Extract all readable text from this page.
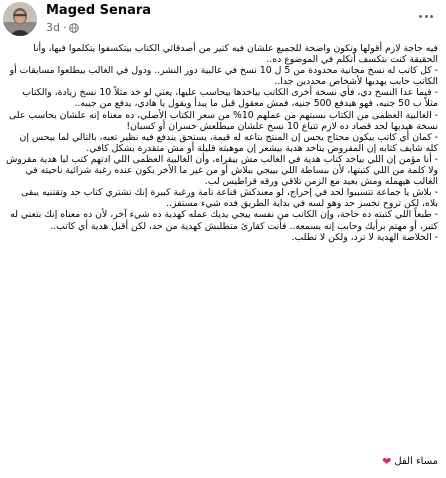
Maged Senara
3d ·

فيه حاجة لازم أقولها وتكون واضحة للجميع علشان فيه كتير من أصدقائي الكتاب بيتكسفوا يتكلموا فيها، وأنا الحقيقة كنت بتكسف أتكلم في الموضوع ده..

- كل كاتب له نسخ مجانية محدودة من 5 ل 10 نسخ في غالبية دور النشر.. ودول في الغالب بيطلعوا مسابقات أو الكاتب حابب يهديها لأشخاص محددين جدا..

- فيما عدا النسخ دي، فأي نسخة أخرى الكاتب بياخدها بيحاسب عليها، يعني لو خد مثلاً 10 نسخ زيادة، والكتاب مثلاً ب 50 جنيه، فهو هيدفع 500 جنيه، فمش معقول قبل ما يبدأ ويقول يا هادي، يدفع من جيبه..

- الغالبية العظمى من الكتاب نسبتهم من عملهم 10% من سعر الكتاب الأصلي، ده معناه إنه علشان يحاسب على نسخة هيديها لحد قصاد ده لازم تتباع 10 نسخ علشان ميطلعش خسران أو كسبان!

- كمان أي كاتب بيكون محتاج يحس إن المنتج بتاعه له قيمة، يستحق يندفع فيه نظير تعبه، بالتالي لما بيحس إن كله شايف كتابه إن المفروض يتاخد هدية بيشعر إن موهبته قليلة أو مش متقدرة بشكل كافي.

- أنا مؤمن إن اللي بياخد كتاب هدية في الغالب مش بيقراه، وأن الغالبية العظمى اللي ادتهم كتب ليا هدية مقروش ولا كلمة من اللي كتبتها، لأن ببساطة اللي بييجي ببلاش أو من غير ما الأخر يكون عنده رغبة شرائية ناحيته في الغالب هيهمله ومش بعيد مع الزمن تلاقي ورقه قراطيس لب.

- بلاش يا جماعة تتسببوا لحد في إحراج، لو معندكش قناعة تامة ورغبة كبيرة إنك تشتري كتاب حد وتقتنيه يبقى بلاه، لكن تروح تخسر حد وهو لسه في بداية الطريق فده شيء مستفز..

- طبعاً اللي كتبته ده حاجة، وإن الكاتب من نفسه ييجي يديك عمله كهدية ده شيء آخر، لأن ده معناه إنك بتعني له كتير، أو مهتم برأيك وحابب إنه يسمعه.. فأنت كقارئ متطلبش كهدية من حد، لكن أقبل هدية أي كاتب..

- الخلاصة الهدية لا ترد، ولكن لا تطلب.

مساء الفل
❤
